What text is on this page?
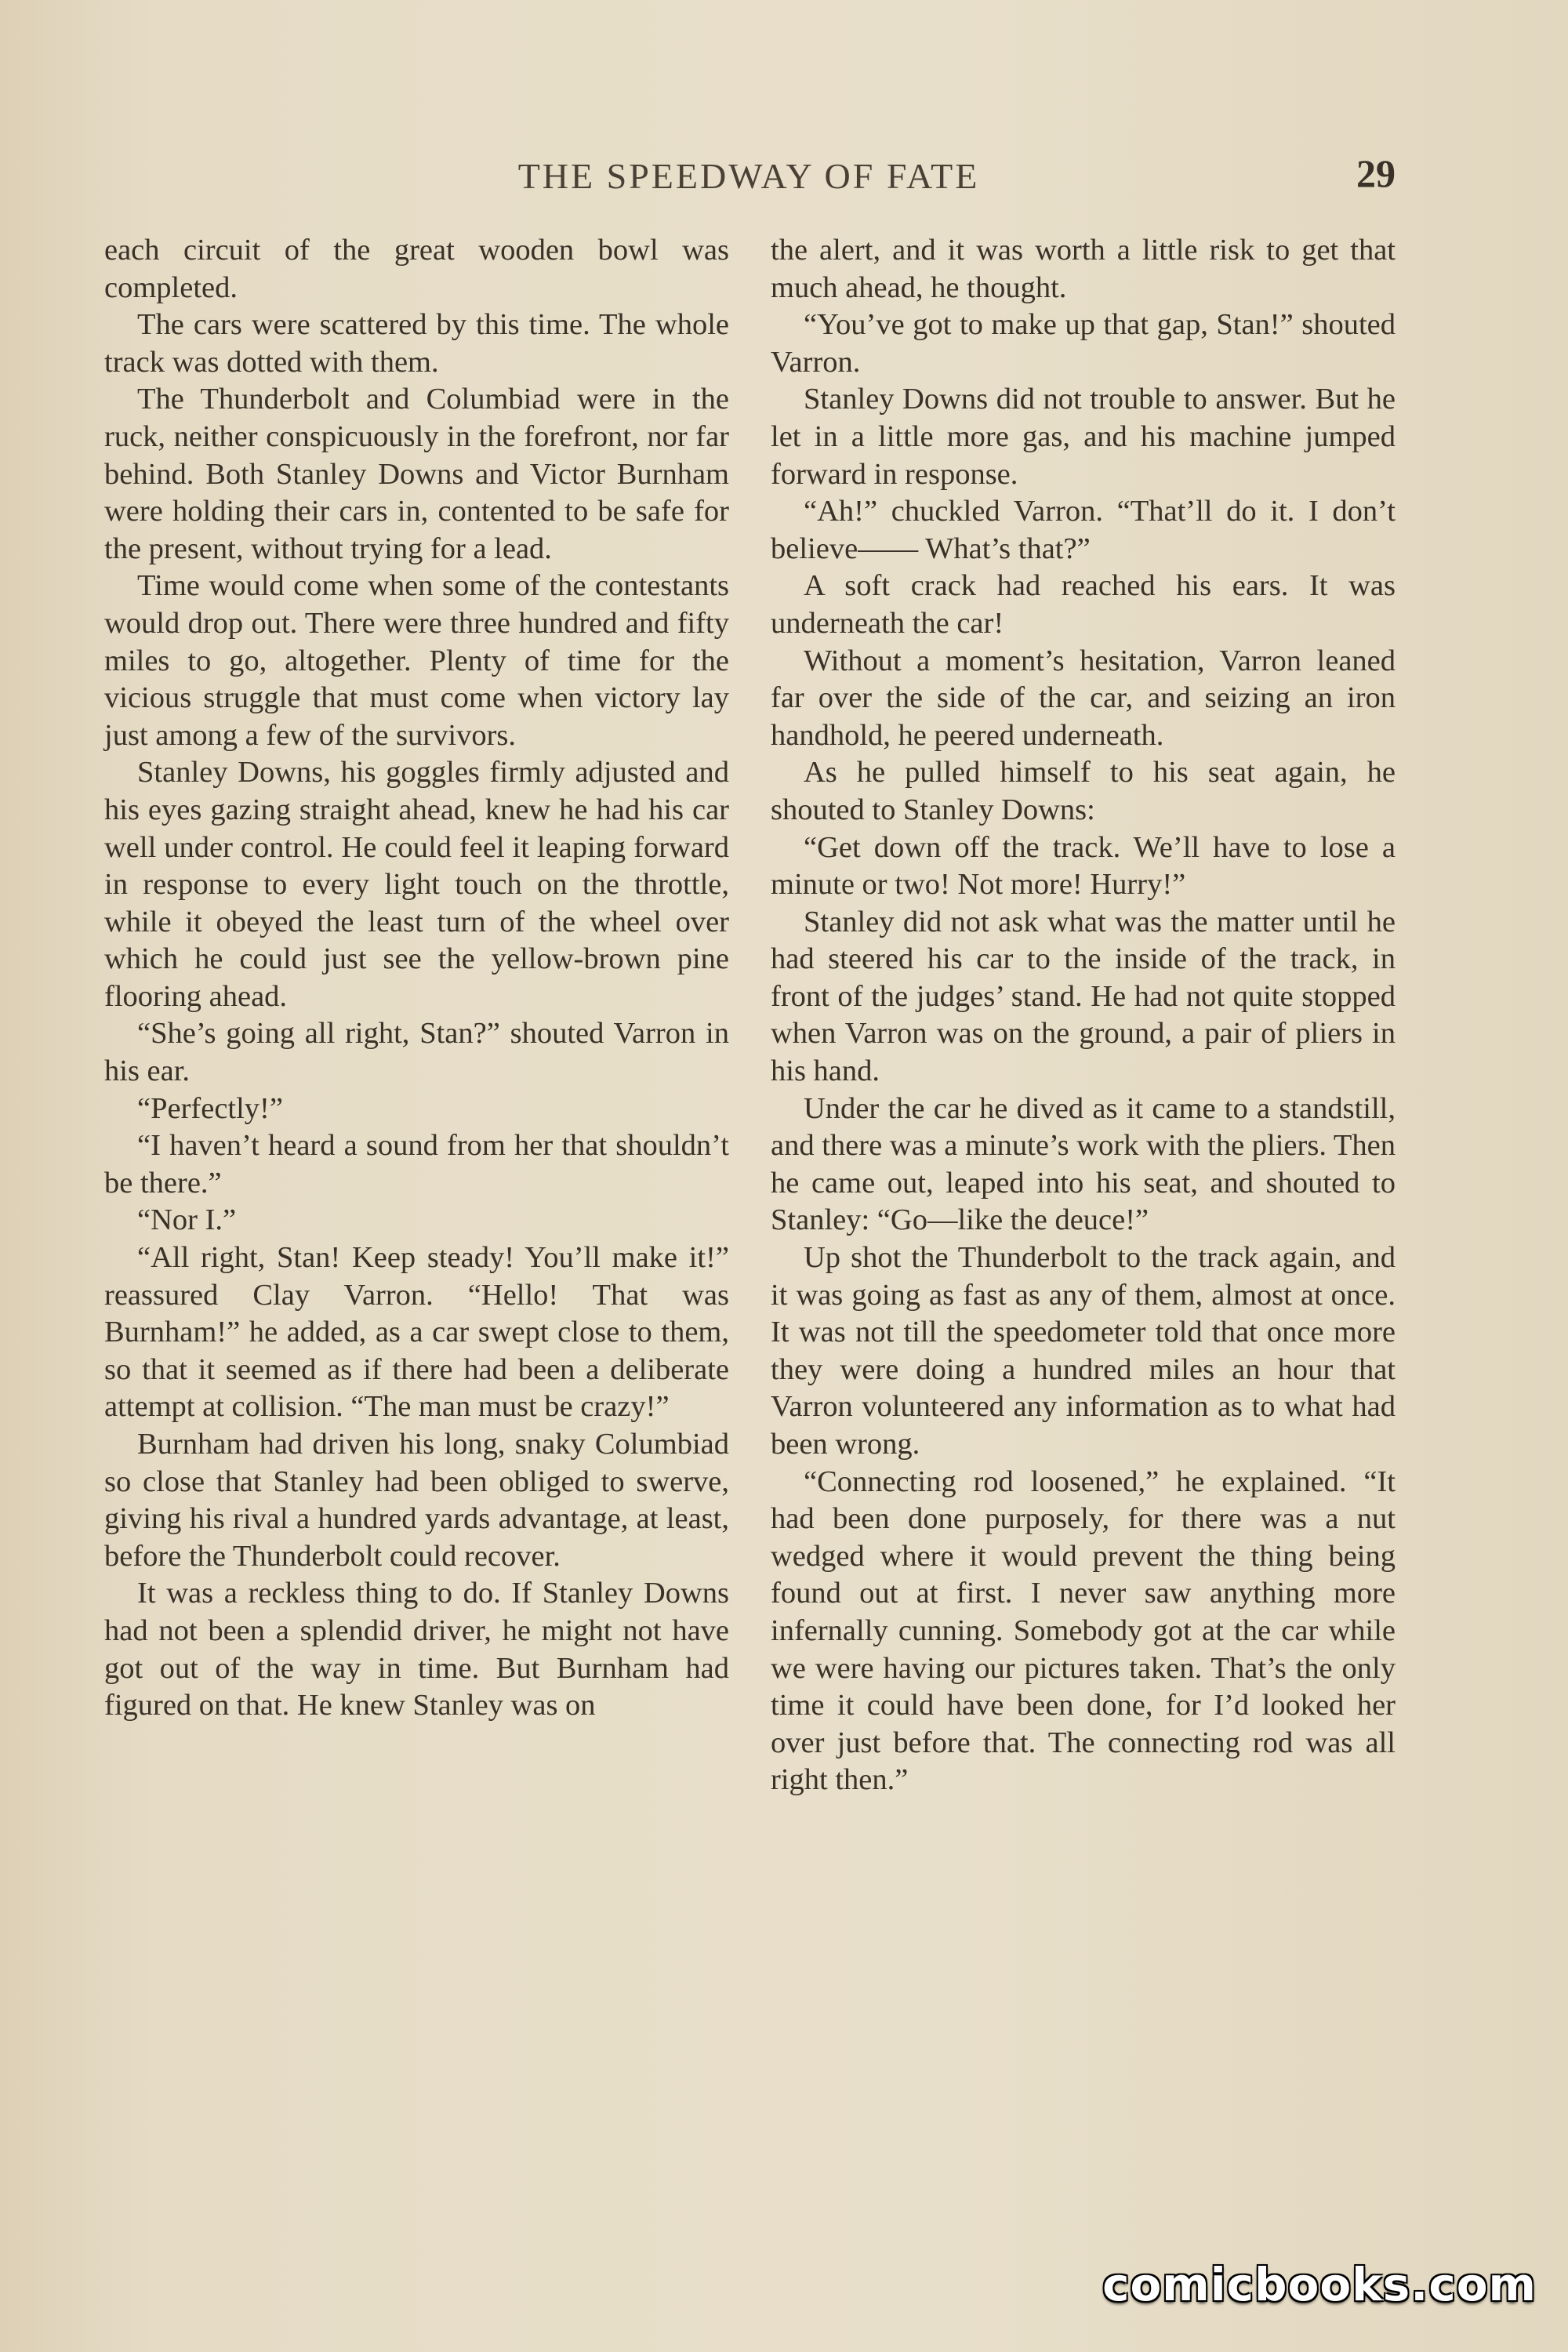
THE SPEEDWAY OF FATE	29

each circuit of the great wooden bowl was completed.

The cars were scattered by this time. The whole track was dotted with them.

The Thunderbolt and Columbiad were in the ruck, neither conspicuously in the forefront, nor far behind. Both Stanley Downs and Victor Burnham were holding their cars in, contented to be safe for the present, without trying for a lead.

Time would come when some of the contestants would drop out. There were three hundred and fifty miles to go, altogether. Plenty of time for the vicious struggle that must come when victory lay just among a few of the survivors.

Stanley Downs, his goggles firmly adjusted and his eyes gazing straight ahead, knew he had his car well under control. He could feel it leaping forward in response to every light touch on the throttle, while it obeyed the least turn of the wheel over which he could just see the yellow-brown pine flooring ahead.

“She’s going all right, Stan?” shouted Varron in his ear.

“Perfectly!”

“I haven’t heard a sound from her that shouldn’t be there.”

“Nor I.”

“All right, Stan! Keep steady! You’ll make it!” reassured Clay Varron. “Hello! That was Burnham!” he added, as a car swept close to them, so that it seemed as if there had been a deliberate attempt at collision. “The man must be crazy!”

Burnham had driven his long, snaky Columbiad so close that Stanley had been obliged to swerve, giving his rival a hundred yards advantage, at least, before the Thunderbolt could recover.

It was a reckless thing to do. If Stanley Downs had not been a splendid driver, he might not have got out of the way in time. But Burnham had figured on that. He knew Stanley was on

the alert, and it was worth a little risk to get that much ahead, he thought.

“You’ve got to make up that gap, Stan!” shouted Varron.

Stanley Downs did not trouble to answer. But he let in a little more gas, and his machine jumped forward in response.

“Ah!” chuckled Varron. “That’ll do it. I don’t believe—— What’s that?”

A soft crack had reached his ears. It was underneath the car!

Without a moment’s hesitation, Varron leaned far over the side of the car, and seizing an iron handhold, he peered underneath.

As he pulled himself to his seat again, he shouted to Stanley Downs:

“Get down off the track. We’ll have to lose a minute or two! Not more! Hurry!”

Stanley did not ask what was the matter until he had steered his car to the inside of the track, in front of the judges’ stand. He had not quite stopped when Varron was on the ground, a pair of pliers in his hand.

Under the car he dived as it came to a standstill, and there was a minute’s work with the pliers. Then he came out, leaped into his seat, and shouted to Stanley: “Go—like the deuce!”

Up shot the Thunderbolt to the track again, and it was going as fast as any of them, almost at once. It was not till the speedometer told that once more they were doing a hundred miles an hour that Varron volunteered any information as to what had been wrong.

“Connecting rod loosened,” he explained. “It had been done purposely, for there was a nut wedged where it would prevent the thing being found out at first. I never saw anything more infernally cunning. Somebody got at the car while we were having our pictures taken. That’s the only time it could have been done, for I’d looked her over just before that. The connecting rod was all right then.”

comicbooks.com
